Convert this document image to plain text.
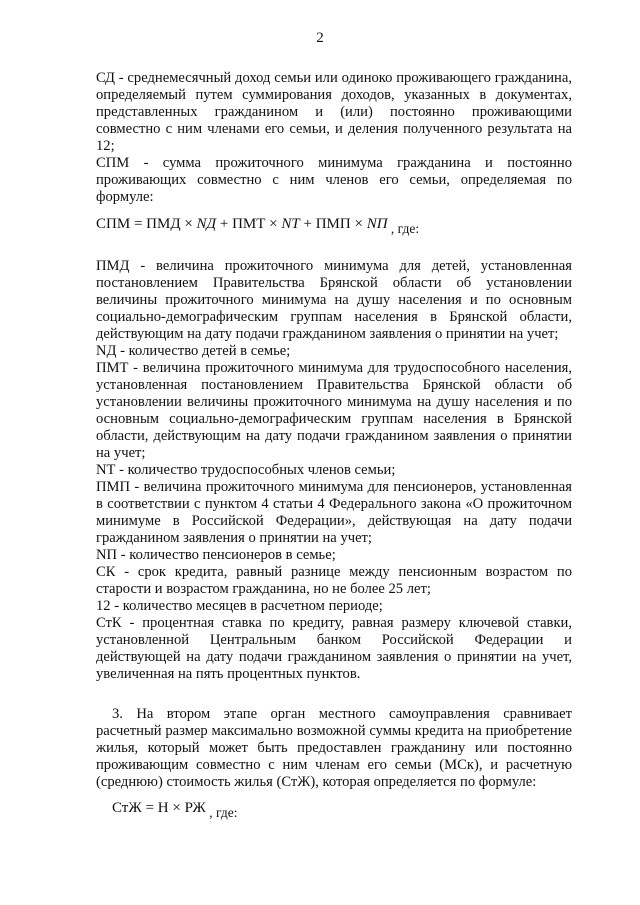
2

СД - среднемесячный доход семьи или одиноко проживающего гражданина, определяемый путем суммирования доходов, указанных в документах, представленных гражданином и (или) постоянно проживающими совместно с ним членами его семьи, и деления полученного результата на 12;

СПМ - сумма прожиточного минимума гражданина и постоянно проживающих совместно с ним членов его семьи, определяемая по формуле:

СПМ = ПМД × NД + ПМТ × NT + ПМП × NП , где:

ПМД - величина прожиточного минимума для детей, установленная постановлением Правительства Брянской области об установлении величины прожиточного минимума на душу населения и по основным социально-демографическим группам населения в Брянской области, действующим на дату подачи гражданином заявления о принятии на учет;

NД - количество детей в семье;

ПМТ - величина прожиточного минимума для трудоспособного населения, установленная постановлением Правительства Брянской области об установлении величины прожиточного минимума на душу населения и по основным социально-демографическим группам населения в Брянской области, действующим на дату подачи гражданином заявления о принятии на учет;

NТ - количество трудоспособных членов семьи;

ПМП - величина прожиточного минимума для пенсионеров, установленная в соответствии с пунктом 4 статьи 4 Федерального закона «О прожиточном минимуме в Российской Федерации», действующая на дату подачи гражданином заявления о принятии на учет;

NП - количество пенсионеров в семье;

СК - срок кредита, равный разнице между пенсионным возрастом по старости и возрастом гражданина, но не более 25 лет;

12 - количество месяцев в расчетном периоде;

СтК - процентная ставка по кредиту, равная размеру ключевой ставки, установленной Центральным банком Российской Федерации и действующей на дату подачи гражданином заявления о принятии на учет, увеличенная на пять процентных пунктов.

3. На втором этапе орган местного самоуправления сравнивает расчетный размер максимально возможной суммы кредита на приобретение жилья, который может быть предоставлен гражданину или постоянно проживающим совместно с ним членам его семьи (МСк), и расчетную (среднюю) стоимость жилья (СтЖ), которая определяется по формуле:

СтЖ = Н × РЖ , где:
